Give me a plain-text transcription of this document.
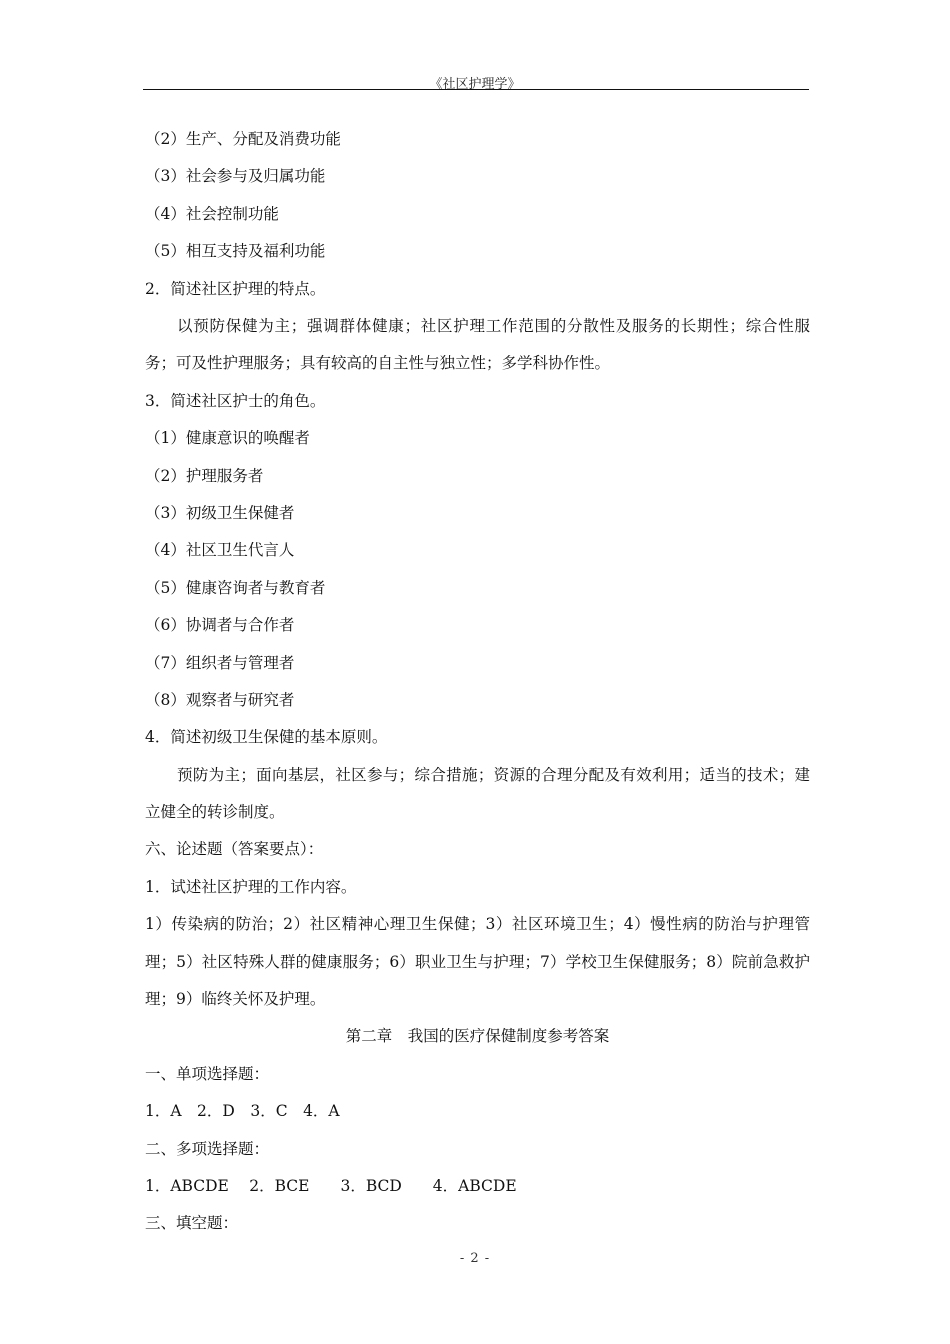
《社区护理学》
（2）生产、分配及消费功能
（3）社会参与及归属功能
（4）社会控制功能
（5）相互支持及福利功能
2．简述社区护理的特点。
以预防保健为主；强调群体健康；社区护理工作范围的分散性及服务的长期性；综合性服务；可及性护理服务；具有较高的自主性与独立性；多学科协作性。
3．简述社区护士的角色。
（1）健康意识的唤醒者
（2）护理服务者
（3）初级卫生保健者
（4）社区卫生代言人
（5）健康咨询者与教育者
（6）协调者与合作者
（7）组织者与管理者
（8）观察者与研究者
4．简述初级卫生保健的基本原则。
预防为主；面向基层，社区参与；综合措施；资源的合理分配及有效利用；适当的技术；建立健全的转诊制度。
六、论述题（答案要点）：
1．试述社区护理的工作内容。
1）传染病的防治；2）社区精神心理卫生保健；3）社区环境卫生；4）慢性病的防治与护理管理；5）社区特殊人群的健康服务；6）职业卫生与护理；7）学校卫生保健服务；8）院前急救护理；9）临终关怀及护理。
第二章　我国的医疗保健制度参考答案
一、单项选择题：
1．A　2．D　3．C　4．A
二、多项选择题：
1．ABCDE　 2．BCE　　3．BCD　　4．ABCDE
三、填空题：
- 2 -
